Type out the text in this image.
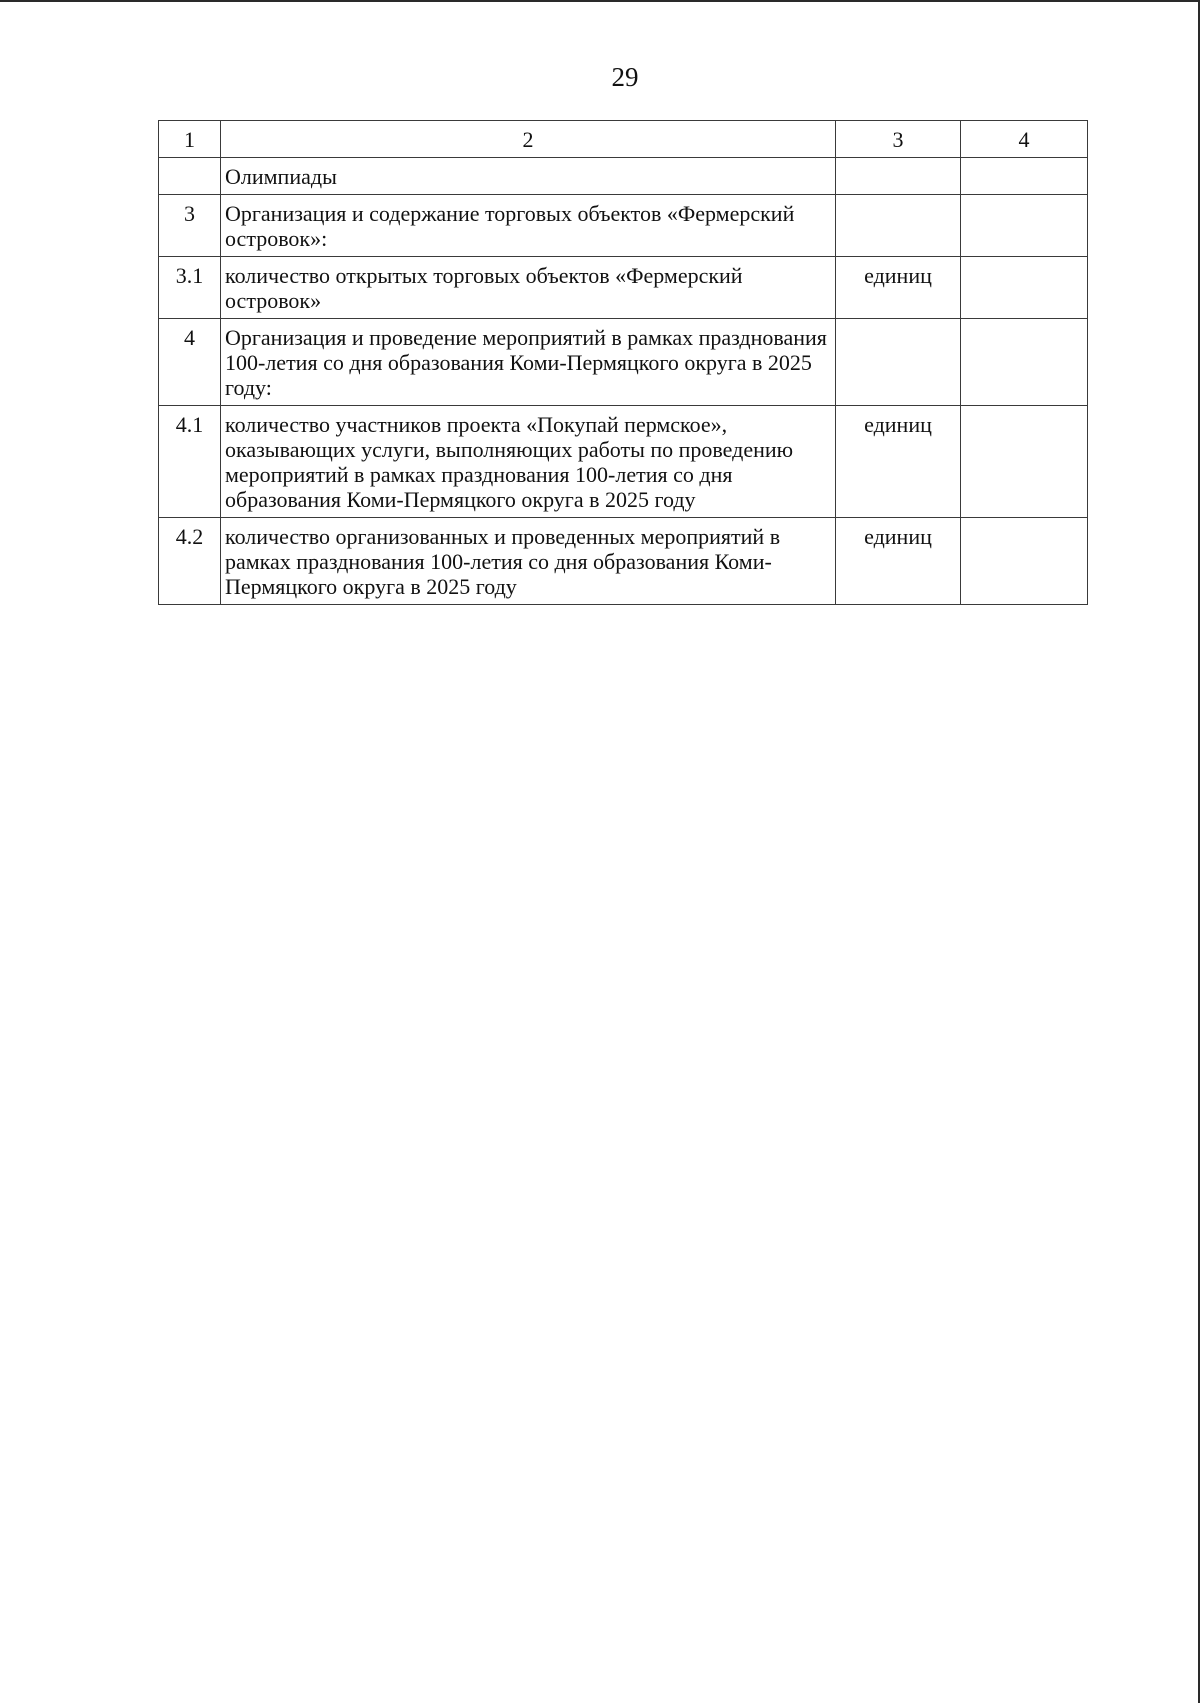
29
1	2	3	4
	Олимпиады		
3	Организация и содержание торговых объектов «Фермерский островок»:		
3.1	количество открытых торговых объектов «Фермерский островок»	единиц	
4	Организация и проведение мероприятий в рамках празднования 100-летия со дня образования Коми-Пермяцкого округа в 2025 году:		
4.1	количество участников проекта «Покупай пермское», оказывающих услуги, выполняющих работы по проведению мероприятий в рамках празднования 100-летия со дня образования Коми-Пермяцкого округа в 2025 году	единиц	
4.2	количество организованных и проведенных мероприятий в рамках празднования 100-летия со дня образования Коми-Пермяцкого округа в 2025 году	единиц	
